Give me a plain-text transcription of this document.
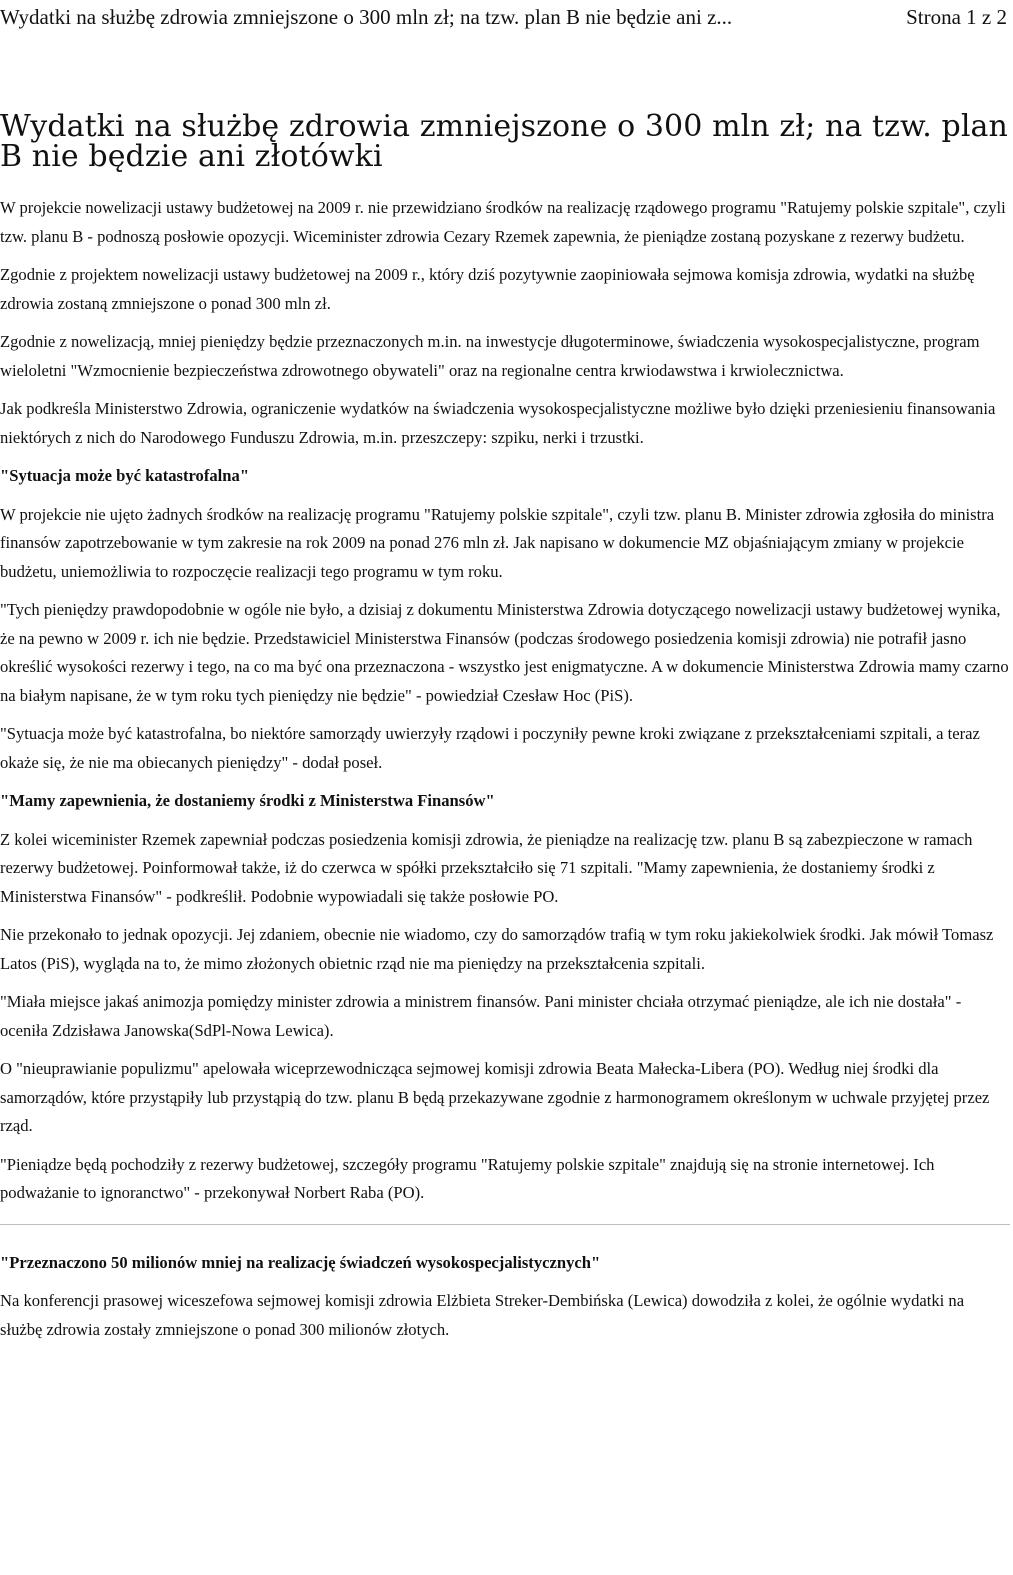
Wydatki na służbę zdrowia zmniejszone o 300 mln zł; na tzw. plan B nie będzie ani z...	Strona 1 z 2
Wydatki na służbę zdrowia zmniejszone o 300 mln zł; na tzw. plan B nie będzie ani złotówki

W projekcie nowelizacji ustawy budżetowej na 2009 r. nie przewidziano środków na realizację rządowego programu "Ratujemy polskie szpitale", czyli tzw. planu B - podnoszą posłowie opozycji. Wiceminister zdrowia Cezary Rzemek zapewnia, że pieniądze zostaną pozyskane z rezerwy budżetu.

Zgodnie z projektem nowelizacji ustawy budżetowej na 2009 r., który dziś pozytywnie zaopiniowała sejmowa komisja zdrowia, wydatki na służbę zdrowia zostaną zmniejszone o ponad 300 mln zł.

Zgodnie z nowelizacją, mniej pieniędzy będzie przeznaczonych m.in. na inwestycje długoterminowe, świadczenia wysokospecjalistyczne, program wieloletni "Wzmocnienie bezpieczeństwa zdrowotnego obywateli" oraz na regionalne centra krwiodawstwa i krwiolecznictwa.

Jak podkreśla Ministerstwo Zdrowia, ograniczenie wydatków na świadczenia wysokospecjalistyczne możliwe było dzięki przeniesieniu finansowania niektórych z nich do Narodowego Funduszu Zdrowia, m.in. przeszczepy: szpiku, nerki i trzustki.

"Sytuacja może być katastrofalna"

W projekcie nie ujęto żadnych środków na realizację programu "Ratujemy polskie szpitale", czyli tzw. planu B. Minister zdrowia zgłosiła do ministra finansów zapotrzebowanie w tym zakresie na rok 2009 na ponad 276 mln zł. Jak napisano w dokumencie MZ objaśniającym zmiany w projekcie budżetu, uniemożliwia to rozpoczęcie realizacji tego programu w tym roku.

"Tych pieniędzy prawdopodobnie w ogóle nie było, a dzisiaj z dokumentu Ministerstwa Zdrowia dotyczącego nowelizacji ustawy budżetowej wynika, że na pewno w 2009 r. ich nie będzie. Przedstawiciel Ministerstwa Finansów (podczas środowego posiedzenia komisji zdrowia) nie potrafił jasno określić wysokości rezerwy i tego, na co ma być ona przeznaczona - wszystko jest enigmatyczne. A w dokumencie Ministerstwa Zdrowia mamy czarno na białym napisane, że w tym roku tych pieniędzy nie będzie" - powiedział Czesław Hoc (PiS).

"Sytuacja może być katastrofalna, bo niektóre samorządy uwierzyły rządowi i poczyniły pewne kroki związane z przekształceniami szpitali, a teraz okaże się, że nie ma obiecanych pieniędzy" - dodał poseł.

"Mamy zapewnienia, że dostaniemy środki z Ministerstwa Finansów"

Z kolei wiceminister Rzemek zapewniał podczas posiedzenia komisji zdrowia, że pieniądze na realizację tzw. planu B są zabezpieczone w ramach rezerwy budżetowej. Poinformował także, iż do czerwca w spółki przekształciło się 71 szpitali. "Mamy zapewnienia, że dostaniemy środki z Ministerstwa Finansów" - podkreślił. Podobnie wypowiadali się także posłowie PO.

Nie przekonało to jednak opozycji. Jej zdaniem, obecnie nie wiadomo, czy do samorządów trafią w tym roku jakiekolwiek środki. Jak mówił Tomasz Latos (PiS), wygląda na to, że mimo złożonych obietnic rząd nie ma pieniędzy na przekształcenia szpitali.

"Miała miejsce jakaś animozja pomiędzy minister zdrowia a ministrem finansów. Pani minister chciała otrzymać pieniądze, ale ich nie dostała" - oceniła Zdzisława Janowska(SdPl-Nowa Lewica).

O "nieuprawianie populizmu" apelowała wiceprzewodnicząca sejmowej komisji zdrowia Beata Małecka-Libera (PO). Według niej środki dla samorządów, które przystąpiły lub przystąpią do tzw. planu B będą przekazywane zgodnie z harmonogramem określonym w uchwale przyjętej przez rząd.

"Pieniądze będą pochodziły z rezerwy budżetowej, szczegóły programu "Ratujemy polskie szpitale" znajdują się na stronie internetowej. Ich podważanie to ignoranctwo" - przekonywał Norbert Raba (PO).

"Przeznaczono 50 milionów mniej na realizację świadczeń wysokospecjalistycznych"

Na konferencji prasowej wiceszefowa sejmowej komisji zdrowia Elżbieta Streker-Dembińska (Lewica) dowodziła z kolei, że ogólnie wydatki na służbę zdrowia zostały zmniejszone o ponad 300 milionów złotych.
